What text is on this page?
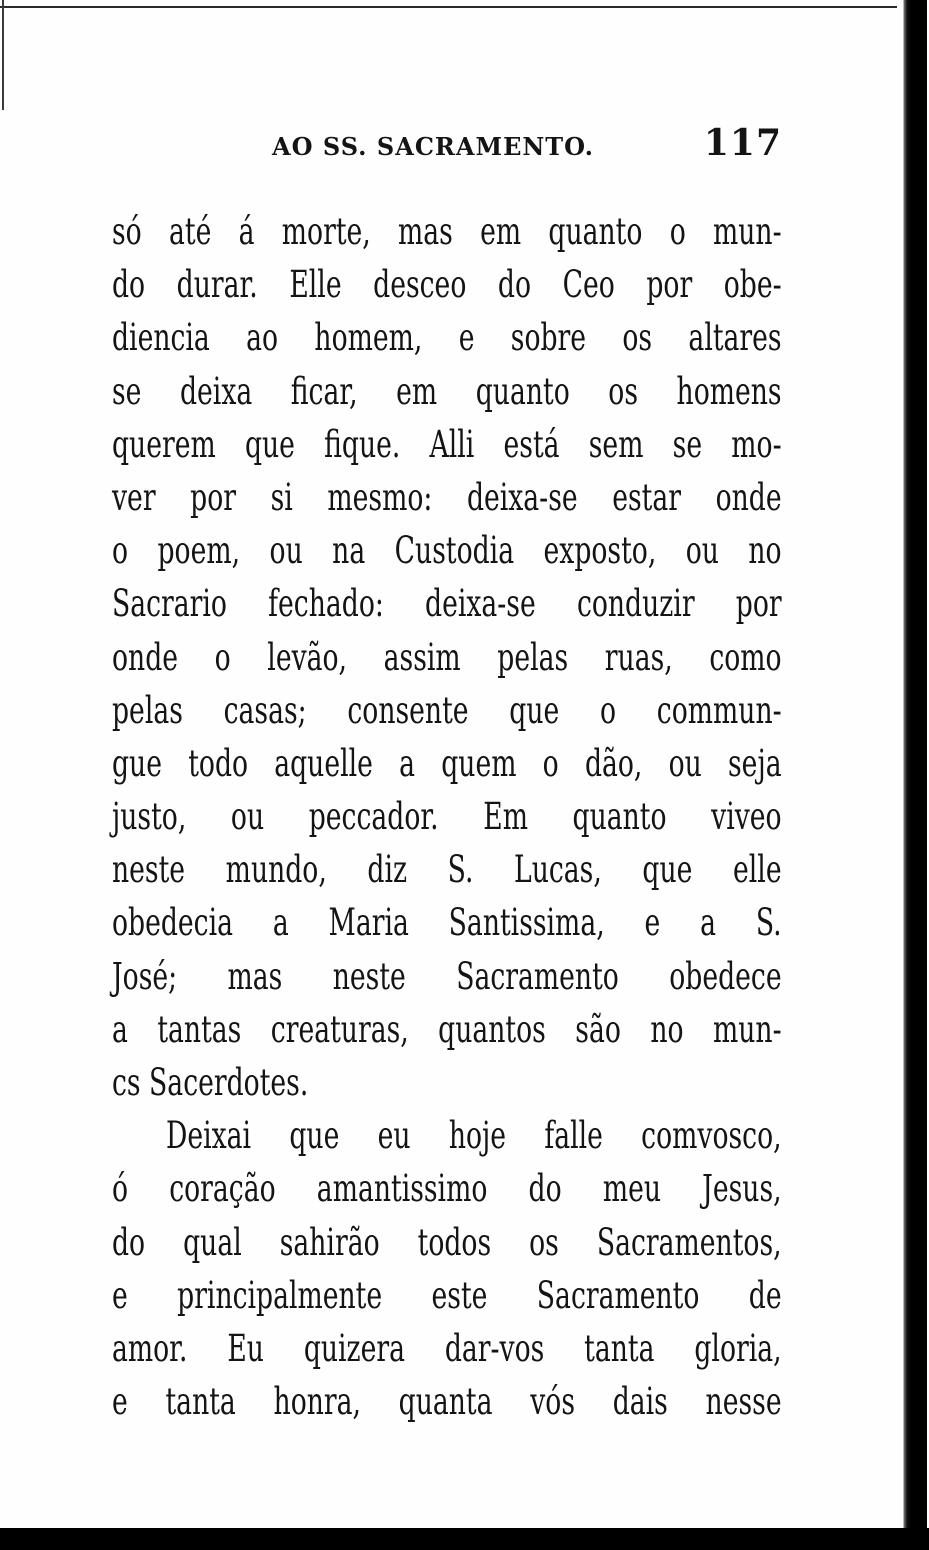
AO SS. SACRAMENTO.	117
só até á morte, mas em quanto o mun-
do durar. Elle desceo do Ceo por obe-
diencia ao homem, e sobre os altares
se deixa ficar, em quanto os homens
querem que fique. Alli está sem se mo-
ver por si mesmo: deixa-se estar onde
o poem, ou na Custodia exposto, ou no
Sacrario fechado: deixa-se conduzir por
onde o levão, assim pelas ruas, como
pelas casas; consente que o commun-
gue todo aquelle a quem o dão, ou seja
justo, ou peccador. Em quanto viveo
neste mundo, diz S. Lucas, que elle
obedecia a Maria Santissima, e a S.
José; mas neste Sacramento obedece
a tantas creaturas, quantos são no mun-
cs Sacerdotes.
Deixai que eu hoje falle comvosco,
ó coração amantissimo do meu Jesus,
do qual sahirão todos os Sacramentos,
e principalmente este Sacramento de
amor. Eu quizera dar-vos tanta gloria,
e tanta honra, quanta vós dais nesse
